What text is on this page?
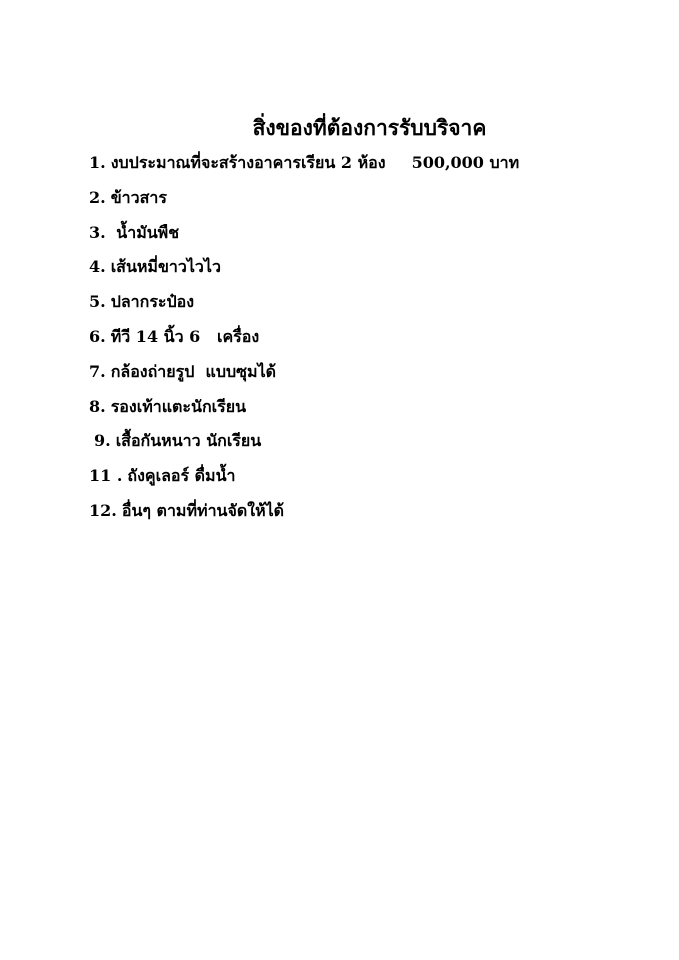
สิ่งของที่ต้องการรับบริจาค
1. งบประมาณที่จะสร้างอาคารเรียน 2 ห้อง 500,000 บาท
2. ข้าวสาร
3. น้ำมันพืช
4. เส้นหมี่ขาวไวไว
5. ปลากระป๋อง
6. ทีวี 14 นิ้ว 6   เครื่อง
7. กล้องถ่ายรูป  แบบซุมได้
8. รองเท้าแตะนักเรียน
9. เสื้อกันหนาว นักเรียน
11 . ถังคูเลอร์ ดื่มน้ำ
12. อื่นๆ ตามที่ท่านจัดให้ได้
